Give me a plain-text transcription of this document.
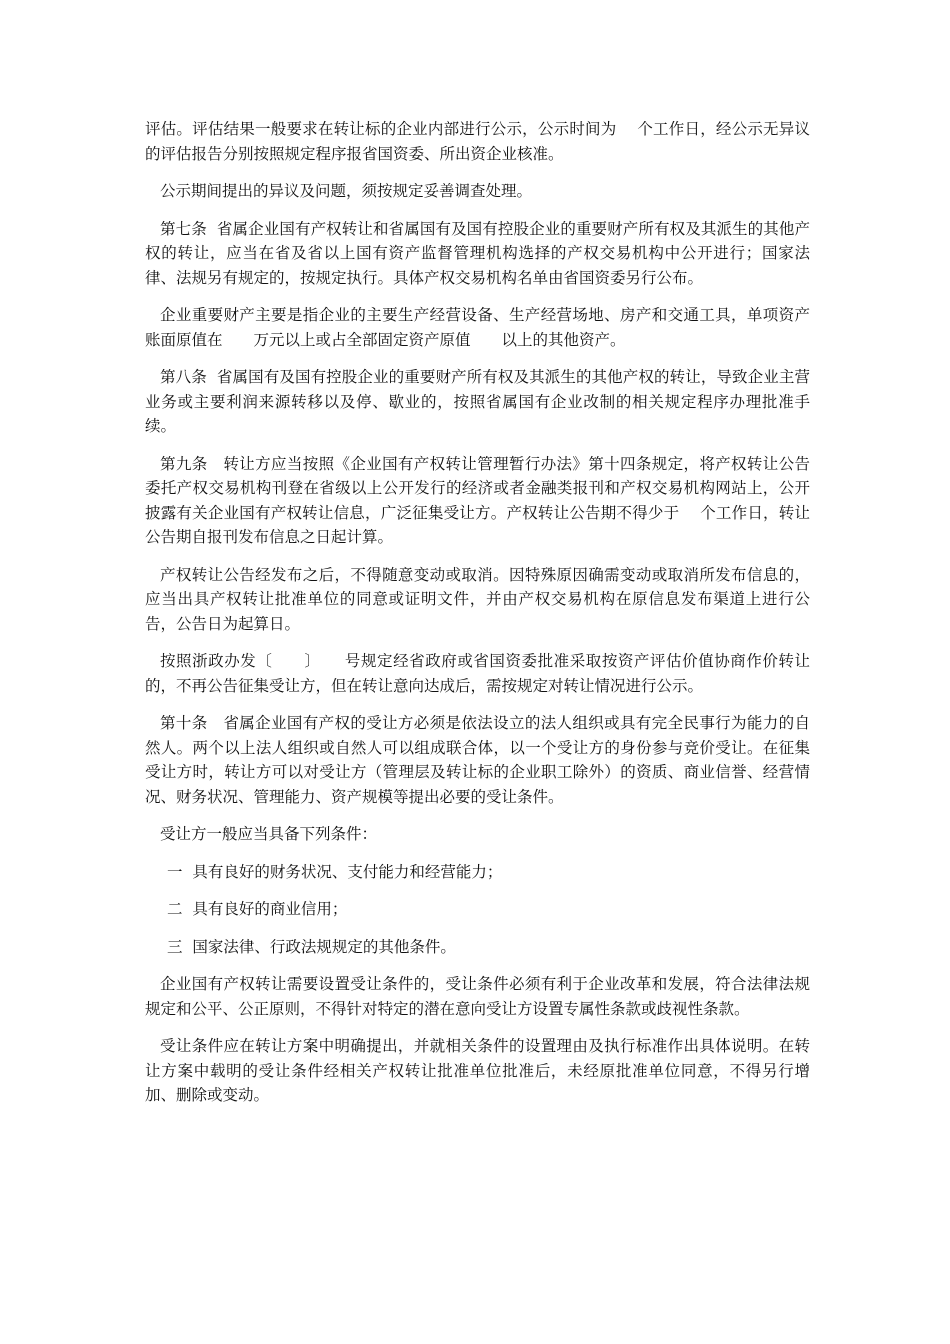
评估。评估结果一般要求在转让标的企业内部进行公示，公示时间为　 个工作日，经公示无异议的评估报告分别按照规定程序报省国资委、所出资企业核准。

公示期间提出的异议及问题，须按规定妥善调查处理。

第七条  省属企业国有产权转让和省属国有及国有控股企业的重要财产所有权及其派生的其他产权的转让，应当在省及省以上国有资产监督管理机构选择的产权交易机构中公开进行；国家法律、法规另有规定的，按规定执行。具体产权交易机构名单由省国资委另行公布。

企业重要财产主要是指企业的主要生产经营设备、生产经营场地、房产和交通工具，单项资产账面原值在　　万元以上或占全部固定资产原值　　以上的其他资产。

第八条  省属国有及国有控股企业的重要财产所有权及其派生的其他产权的转让，导致企业主营业务或主要利润来源转移以及停、歇业的，按照省属国有企业改制的相关规定程序办理批准手续。

第九条　转让方应当按照《企业国有产权转让管理暂行办法》第十四条规定，将产权转让公告委托产权交易机构刊登在省级以上公开发行的经济或者金融类报刊和产权交易机构网站上，公开披露有关企业国有产权转让信息，广泛征集受让方。产权转让公告期不得少于　 个工作日，转让公告期自报刊发布信息之日起计算。

产权转让公告经发布之后，不得随意变动或取消。因特殊原因确需变动或取消所发布信息的，应当出具产权转让批准单位的同意或证明文件，并由产权交易机构在原信息发布渠道上进行公告，公告日为起算日。

按照浙政办发〔　　〕　　号规定经省政府或省国资委批准采取按资产评估价值协商作价转让的，不再公告征集受让方，但在转让意向达成后，需按规定对转让情况进行公示。

第十条　省属企业国有产权的受让方必须是依法设立的法人组织或具有完全民事行为能力的自然人。两个以上法人组织或自然人可以组成联合体，以一个受让方的身份参与竞价受让。在征集受让方时，转让方可以对受让方（管理层及转让标的企业职工除外）的资质、商业信誉、经营情况、财务状况、管理能力、资产规模等提出必要的受让条件。

受让方一般应当具备下列条件：

一  具有良好的财务状况、支付能力和经营能力；

二  具有良好的商业信用；

三  国家法律、行政法规规定的其他条件。

企业国有产权转让需要设置受让条件的，受让条件必须有利于企业改革和发展，符合法律法规规定和公平、公正原则，不得针对特定的潜在意向受让方设置专属性条款或歧视性条款。

受让条件应在转让方案中明确提出，并就相关条件的设置理由及执行标准作出具体说明。在转让方案中载明的受让条件经相关产权转让批准单位批准后，未经原批准单位同意，不得另行增加、删除或变动。
